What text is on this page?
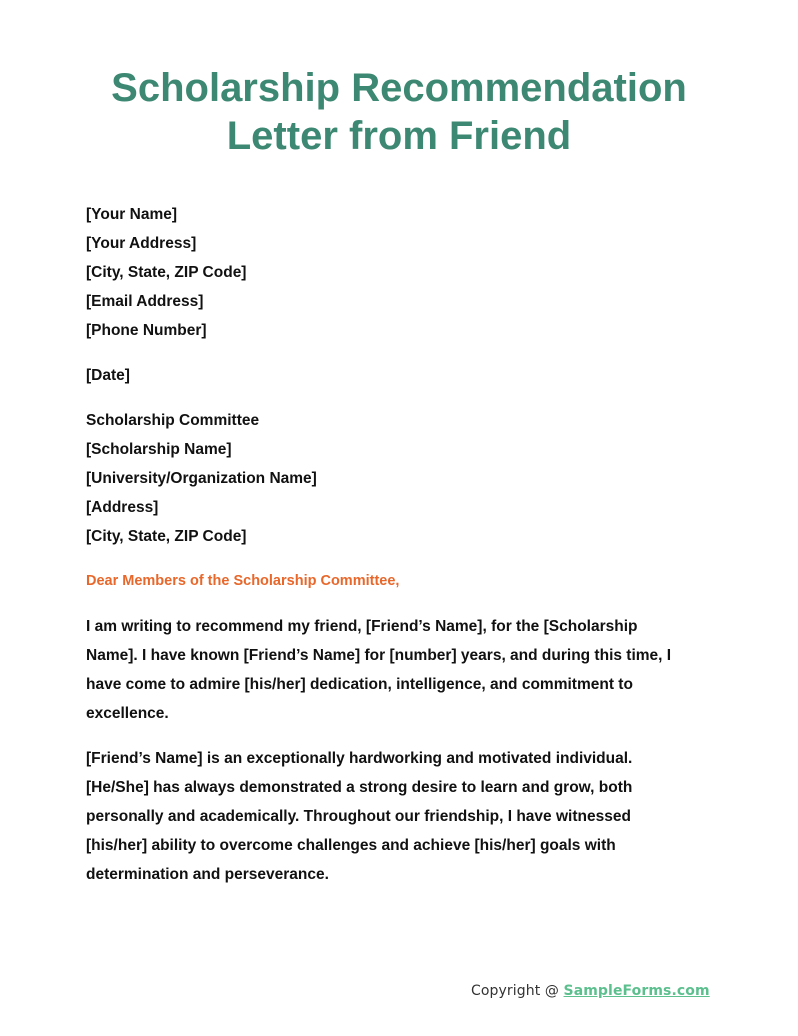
Scholarship Recommendation
Letter from Friend
[Your Name]
[Your Address]
[City, State, ZIP Code]
[Email Address]
[Phone Number]
[Date]
Scholarship Committee
[Scholarship Name]
[University/Organization Name]
[Address]
[City, State, ZIP Code]
Dear Members of the Scholarship Committee,

I am writing to recommend my friend, [Friend’s Name], for the [Scholarship
Name]. I have known [Friend’s Name] for [number] years, and during this time, I
have come to admire [his/her] dedication, intelligence, and commitment to
excellence.

[Friend’s Name] is an exceptionally hardworking and motivated individual.
[He/She] has always demonstrated a strong desire to learn and grow, both
personally and academically. Throughout our friendship, I have witnessed
[his/her] ability to overcome challenges and achieve [his/her] goals with
determination and perseverance.

Copyright @ SampleForms.com
